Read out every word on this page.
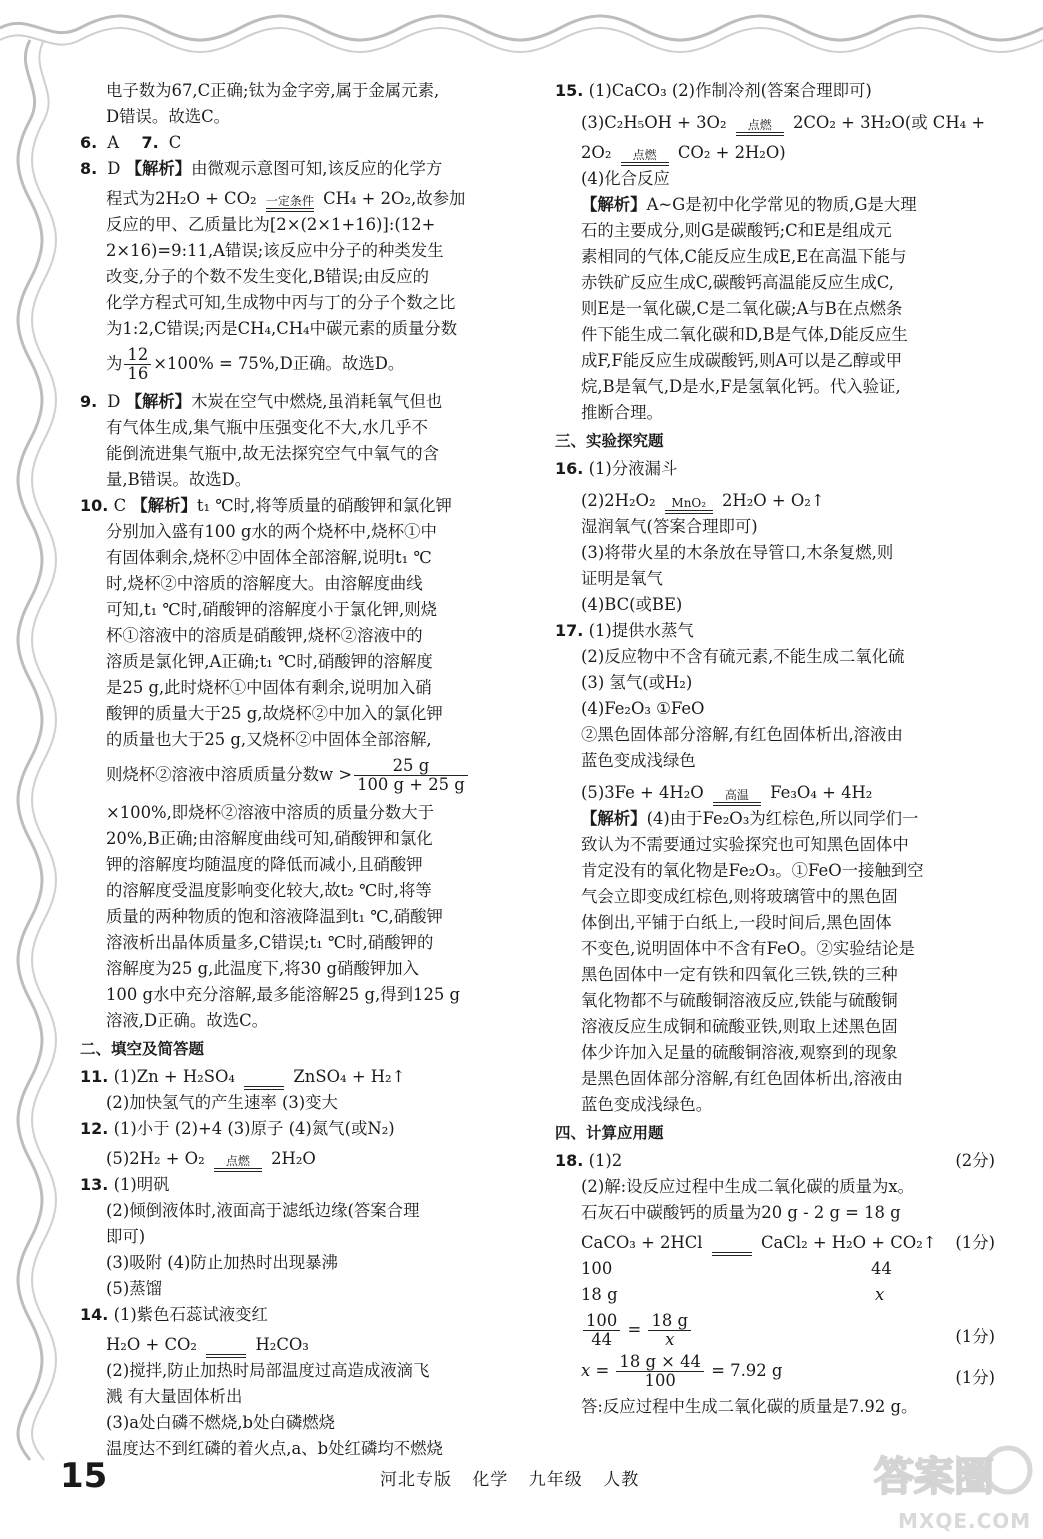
电子数为67,C正确;钛为金字旁,属于金属元素,

D错误。故选C。

6. A 7. C

8. D 【解析】由微观示意图可知,该反应的化学方

程式为2H₂O + CO₂ 一定条件 CH₄ + 2O₂,故参加

反应的甲、乙质量比为[2×(2×1+16)]:(12+

2×16)=9:11,A错误;该反应中分子的种类发生

改变,分子的个数不发生变化,B错误;由反应的

化学方程式可知,生成物中丙与丁的分子个数之比

为1:2,C错误;丙是CH₄,CH₄中碳元素的质量分数

为 $\frac{12}{16} \times 100\% = 75\%,D$正确。故选D。

9. D 【解析】木炭在空气中燃烧,虽消耗氧气但也

有气体生成,集气瓶中压强变化不大,水几乎不

能倒流进集气瓶中,故无法探究空气中氧气的含

量,B错误。故选D。

10. C 【解析】t₁ ℃时,将等质量的硝酸钾和氯化钾

分别加入盛有100 g水的两个烧杯中,烧杯①中

有固体剩余,烧杯②中固体全部溶解,说明t₁ ℃

时,烧杯②中溶质的溶解度大。由溶解度曲线

可知,t₁ ℃时,硝酸钾的溶解度小于氯化钾,则烧

杯①溶液中的溶质是硝酸钾,烧杯②溶液中的

溶质是氯化钾,A正确;t₁ ℃时,硝酸钾的溶解度

是25 g,此时烧杯①中固体有剩余,说明加入硝

酸钾的质量大于25 g,故烧杯②中加入的氯化钾

的质量也大于25 g,又烧杯②中固体全部溶解,

则烧杯②溶液中溶质质量分数$w > \frac{25 g}{100 g + 25 g}$

×100%,即烧杯②溶液中溶质的质量分数大于

20%,B正确;由溶解度曲线可知,硝酸钾和氯化

钾的溶解度均随温度的降低而减小,且硝酸钾

的溶解度受温度影响变化较大,故t₂ ℃时,将等

质量的两种物质的饱和溶液降温到t₁ ℃,硝酸钾

溶液析出晶体质量多,C错误;t₁ ℃时,硝酸钾的

溶解度为25 g,此温度下,将30 g硝酸钾加入

100 g水中充分溶解,最多能溶解25 g,得到125 g

溶液,D正确。故选C。

二、填空及简答题

11. (1)Zn + H₂SO₄
	ZnSO₄ + H₂↑

(2)加快氢气的产生速率 (3)变大

12. (1)小于 (2)+4 (3)原子 (4)氮气(或N₂)

(5)2H₂ + O₂	点燃	2H₂O

13. (1)明矾

(2)倾倒液体时,液面高于滤纸边缘(答案合理

即可)

(3)吸附 (4)防止加热时出现暴沸

(5)蒸馏

14. (1)紫色石蕊试液变红

H₂O + CO₂
	H₂CO₃

(2)搅拌,防止加热时局部温度过高造成液滴飞

溅 有大量固体析出

(3)a处白磷不燃烧,b处白磷燃烧

温度达不到红磷的着火点,a、b处红磷均不燃烧

15. (1)CaCO₃ (2)作制冷剂(答案合理即可)

(3)C₂H₅OH + 3O₂	点燃	2CO₂ + 3H₂O(或 CH₄ +

2O₂	点燃	CO₂ + 2H₂O)

(4)化合反应

【解析】A~G是初中化学常见的物质,G是大理

石的主要成分,则G是碳酸钙;C和E是组成元

素相同的气体,C能反应生成E,E在高温下能与

赤铁矿反应生成C,碳酸钙高温能反应生成C,

则E是一氧化碳,C是二氧化碳;A与B在点燃条

件下能生成二氧化碳和D,B是气体,D能反应生

成F,F能反应生成碳酸钙,则A可以是乙醇或甲

烷,B是氧气,D是水,F是氢氧化钙。代入验证,

推断合理。

三、实验探究题

16. (1)分液漏斗

(2)2H₂O₂	MnO₂ 2H₂O + O₂↑

湿润氧气(答案合理即可)

(3)将带火星的木条放在导管口,木条复燃,则

证明是氧气

(4)BC(或BE)

17. (1)提供水蒸气

(2)反应物中不含有硫元素,不能生成二氧化硫

(3) 氢气(或H₂)

(4)Fe₂O₃ ①FeO

②黑色固体部分溶解,有红色固体析出,溶液由

蓝色变成浅绿色

(5)3Fe + 4H₂O	高温	Fe₃O₄ + 4H₂

【解析】(4)由于Fe₂O₃为红棕色,所以同学们一

致认为不需要通过实验探究也可知黑色固体中

肯定没有的氧化物是Fe₂O₃。①FeO一接触到空

气会立即变成红棕色,则将玻璃管中的黑色固

体倒出,平铺于白纸上,一段时间后,黑色固体

不变色,说明固体中不含有FeO。②实验结论是

黑色固体中一定有铁和四氧化三铁,铁的三种

氧化物都不与硫酸铜溶液反应,铁能与硫酸铜

溶液反应生成铜和硫酸亚铁,则取上述黑色固

体少许加入足量的硫酸铜溶液,观察到的现象

是黑色固体部分溶解,有红色固体析出,溶液由

蓝色变成浅绿色。

四、计算应用题

18. (1)2	(2分)

(2)解:设反应过程中生成二氧化碳的质量为x。

石灰石中碳酸钙的质量为20 g - 2 g = 18 g

CaCO₃ + 2HCl
	CaCl₂ + H₂O + CO₂↑ (1分)

100	44

18 g	x

$\frac{100}{44} = \frac{18 g}{x}$	(1分)

$x = \frac{18 g \times 44}{100} = 7.92$ g	(1分)

答:反应过程中生成二氧化碳的质量是7.92 g。

15	河北专版 化学 九年级 人教	答案圈
MXQE.COM
